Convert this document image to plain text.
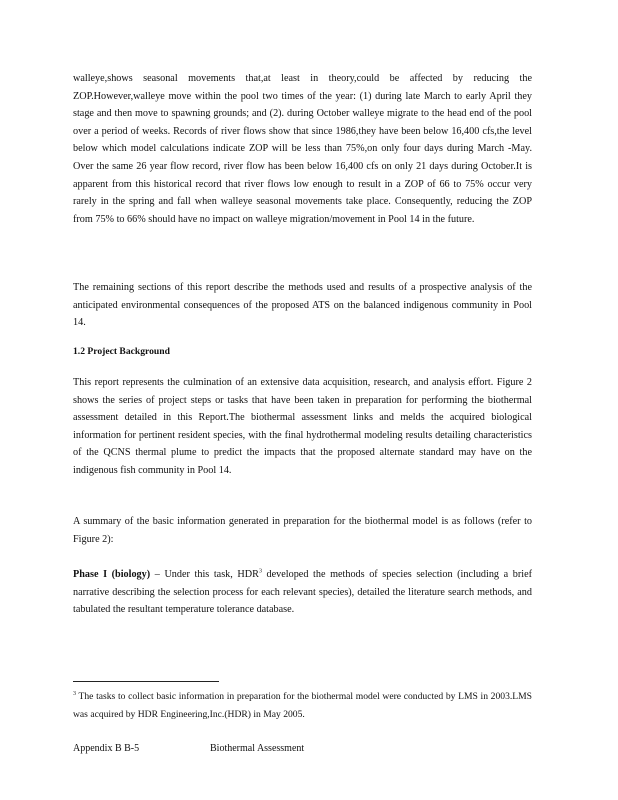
walleye,shows seasonal movements that,at least in theory,could be affected by reducing the ZOP.However,walleye move within the pool two times of the year: (1) during late March to early April they stage and then move to spawning grounds; and (2). during October walleye migrate to the head end of the pool over a period of weeks. Records of river flows show that since 1986,they have been below 16,400 cfs,the level below which model calculations indicate ZOP will be less than 75%,on only four days during March -May. Over the same 26 year flow record, river flow has been below 16,400 cfs on only 21 days during October.It is apparent from this historical record that river flows low enough to result in a ZOP of 66 to 75% occur very rarely in the spring and fall when walleye seasonal movements take place. Consequently, reducing the ZOP from 75% to 66% should have no impact on walleye migration/movement in Pool 14 in the future.

The remaining sections of this report describe the methods used and results of a prospective analysis of the anticipated environmental consequences of the proposed ATS on the balanced indigenous community in Pool 14.

1.2 Project Background

This report represents the culmination of an extensive data acquisition, research, and analysis effort. Figure 2 shows the series of project steps or tasks that have been taken in preparation for performing the biothermal assessment detailed in this Report.The biothermal assessment links and melds the acquired biological information for pertinent resident species, with the final hydrothermal modeling results detailing characteristics of the QCNS thermal plume to predict the impacts that the proposed alternate standard may have on the indigenous fish community in Pool 14.

A summary of the basic information generated in preparation for the biothermal model is as follows (refer to Figure 2):

Phase I (biology) – Under this task, HDR$^3$ developed the methods of species selection (including a brief narrative describing the selection process for each relevant species), detailed the literature search methods, and tabulated the resultant temperature tolerance database.

$^3$ The tasks to collect basic information in preparation for the biothermal model were conducted by LMS in 2003.LMS was acquired by HDR Engineering,Inc.(HDR) in May 2005.

Appendix B B-5	Biothermal Assessment
